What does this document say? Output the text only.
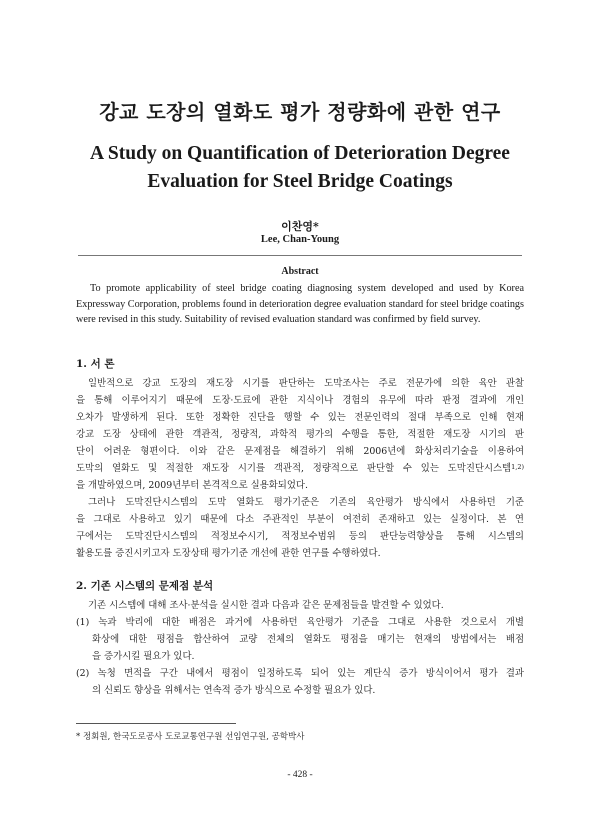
강교 도장의 열화도 평가 정량화에 관한 연구
A Study on Quantification of Deterioration Degree
Evaluation for Steel Bridge Coatings
이찬영*
Lee, Chan-Young
Abstract
To promote applicability of steel bridge coating diagnosing system developed and used by Korea Expressway Corporation, problems found in deterioration degree evaluation standard for steel bridge coatings were revised in this study. Suitability of revised evaluation standard was confirmed by field survey.
1. 서 론
일반적으로 강교 도장의 재도장 시기를 판단하는 도막조사는 주로 전문가에 의한 육안 관찰
을 통해 이루어지기 때문에 도장·도료에 관한 지식이나 경험의 유무에 따라 판정 결과에 개인
오차가 발생하게 된다. 또한 정확한 진단을 행할 수 있는 전문인력의 절대 부족으로 인해 현재
강교 도장 상태에 관한 객관적, 정량적, 과학적 평가의 수행을 통한, 적절한 재도장 시기의 판
단이 어려운 형편이다. 이와 같은 문제점을 해결하기 위해 2006년에 화상처리기술을 이용하여
도막의 열화도 및 적절한 재도장 시기를 객관적, 정량적으로 판단할 수 있는 도막진단시스템$^{1,2)}$
을 개발하였으며, 2009년부터 본격적으로 실용화되었다.
그러나 도막진단시스템의 도막 열화도 평가기준은 기존의 육안평가 방식에서 사용하던 기준
을 그대로 사용하고 있기 때문에 다소 주관적인 부분이 여전히 존재하고 있는 실정이다. 본 연
구에서는 도막진단시스템의 적정보수시기, 적정보수범위 등의 판단능력향상을 통해 시스템의
활용도를 증진시키고자 도장상태 평가기준 개선에 관한 연구를 수행하였다.
2. 기존 시스템의 문제점 분석
기존 시스템에 대해 조사·분석을 실시한 결과 다음과 같은 문제점들을 발견할 수 있었다.
(1) 녹과 박리에 대한 배점은 과거에 사용하던 육안평가 기준을 그대로 사용한 것으로서 개별
화상에 대한 평점을 합산하여 교량 전체의 열화도 평점을 매기는 현재의 방법에서는 배점
을 증가시킬 필요가 있다.
(2) 녹청 면적을 구간 내에서 평점이 일정하도록 되어 있는 계단식 증가 방식이어서 평가 결과
의 신뢰도 향상을 위해서는 연속적 증가 방식으로 수정할 필요가 있다.
* 정회원, 한국도로공사 도로교통연구원 선임연구원, 공학박사
- 428 -
